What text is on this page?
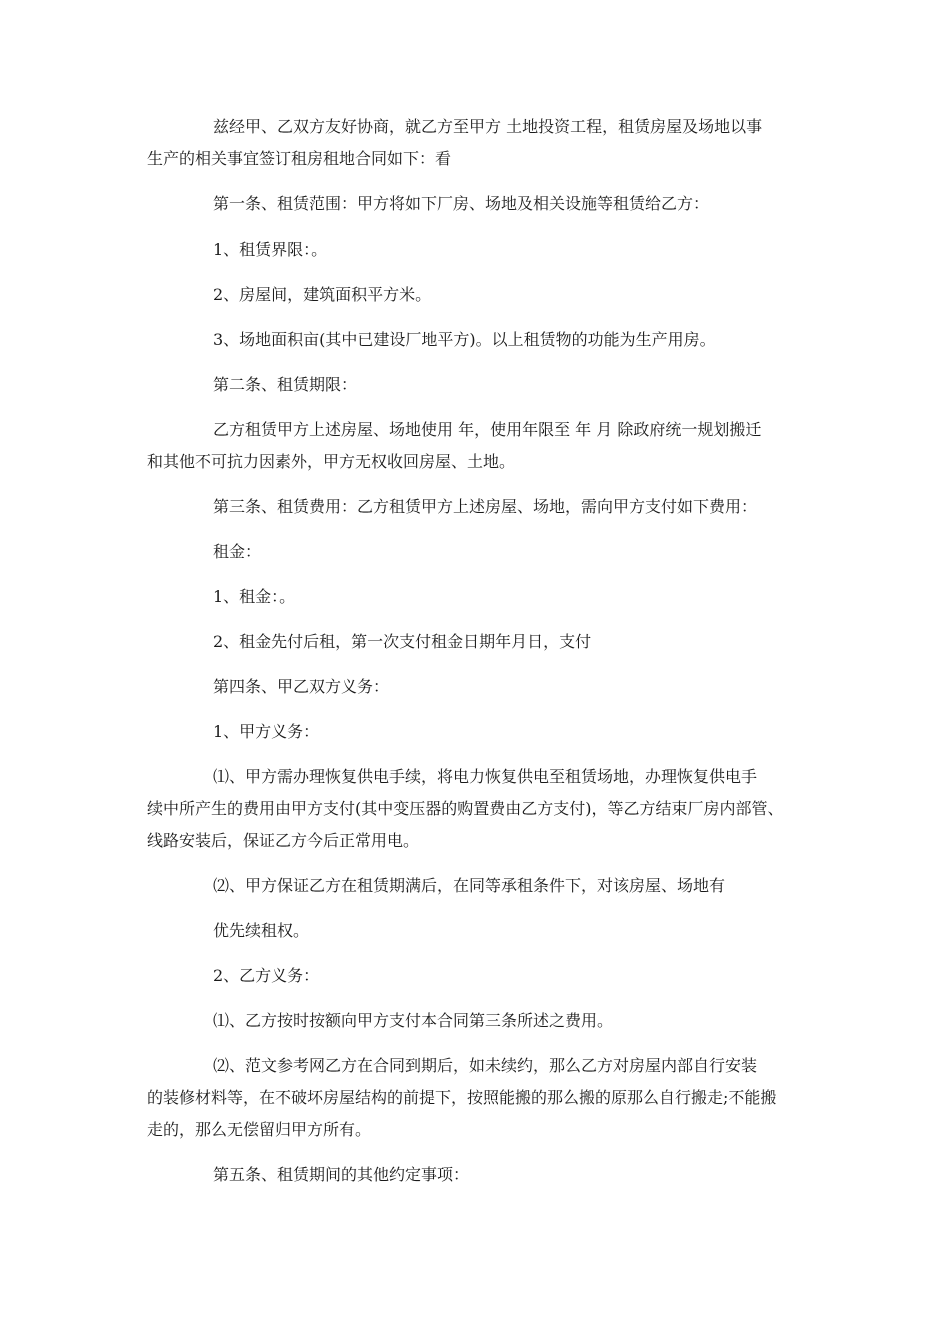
兹经甲、乙双方友好协商，就乙方至甲方 土地投资工程，租赁房屋及场地以事
生产的相关事宜签订租房租地合同如下：看
第一条、租赁范围：甲方将如下厂房、场地及相关设施等租赁给乙方：
1、租赁界限：。
2、房屋间，建筑面积平方米。
3、场地面积亩(其中已建设厂地平方)。以上租赁物的功能为生产用房。
第二条、租赁期限：
乙方租赁甲方上述房屋、场地使用 年，使用年限至 年 月 除政府统一规划搬迁
和其他不可抗力因素外，甲方无权收回房屋、土地。
第三条、租赁费用：乙方租赁甲方上述房屋、场地，需向甲方支付如下费用：
租金：
1、租金：。
2、租金先付后租，第一次支付租金日期年月日，支付
第四条、甲乙双方义务：
1、甲方义务：
⑴、甲方需办理恢复供电手续，将电力恢复供电至租赁场地，办理恢复供电手
续中所产生的费用由甲方支付(其中变压器的购置费由乙方支付)，等乙方结束厂房内部管、
线路安装后，保证乙方今后正常用电。
⑵、甲方保证乙方在租赁期满后，在同等承租条件下，对该房屋、场地有
优先续租权。
2、乙方义务：
⑴、乙方按时按额向甲方支付本合同第三条所述之费用。
⑵、范文参考网乙方在合同到期后，如未续约，那么乙方对房屋内部自行安装
的装修材料等，在不破坏房屋结构的前提下，按照能搬的那么搬的原那么自行搬走;不能搬
走的，那么无偿留归甲方所有。
第五条、租赁期间的其他约定事项：
